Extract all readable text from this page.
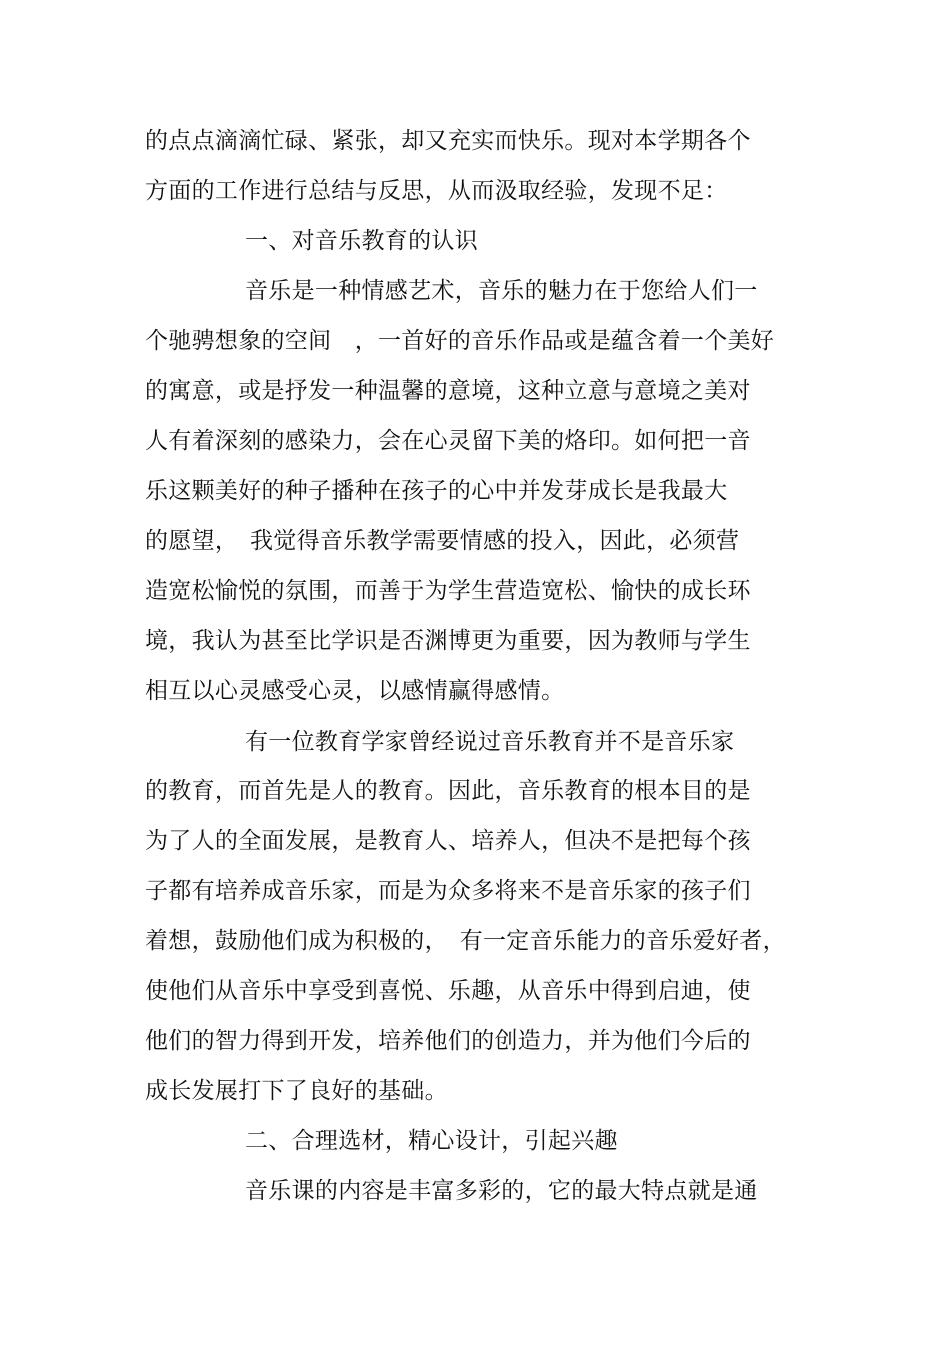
的点点滴滴忙碌、紧张，却又充实而快乐。现对本学期各个
方面的工作进行总结与反思，从而汲取经验，发现不足：
一、对音乐教育的认识
音乐是一种情感艺术，音乐的魅力在于您给人们一
个驰骋想象的空间　，一首好的音乐作品或是蕴含着一个美好
的寓意，或是抒发一种温馨的意境，这种立意与意境之美对
人有着深刻的感染力，会在心灵留下美的烙印。如何把一音
乐这颗美好的种子播种在孩子的心中并发芽成长是我最大
的愿望，　我觉得音乐教学需要情感的投入，因此，必须营
造宽松愉悦的氛围，而善于为学生营造宽松、愉快的成长环
境，我认为甚至比学识是否渊博更为重要，因为教师与学生
相互以心灵感受心灵，以感情赢得感情。
有一位教育学家曾经说过音乐教育并不是音乐家
的教育，而首先是人的教育。因此，音乐教育的根本目的是
为了人的全面发展，是教育人、培养人，但决不是把每个孩
子都有培养成音乐家，而是为众多将来不是音乐家的孩子们
着想，鼓励他们成为积极的，　有一定音乐能力的音乐爱好者，
使他们从音乐中享受到喜悦、乐趣，从音乐中得到启迪，使
他们的智力得到开发，培养他们的创造力，并为他们今后的
成长发展打下了良好的基础。
二、合理选材，精心设计，引起兴趣
音乐课的内容是丰富多彩的，它的最大特点就是通
